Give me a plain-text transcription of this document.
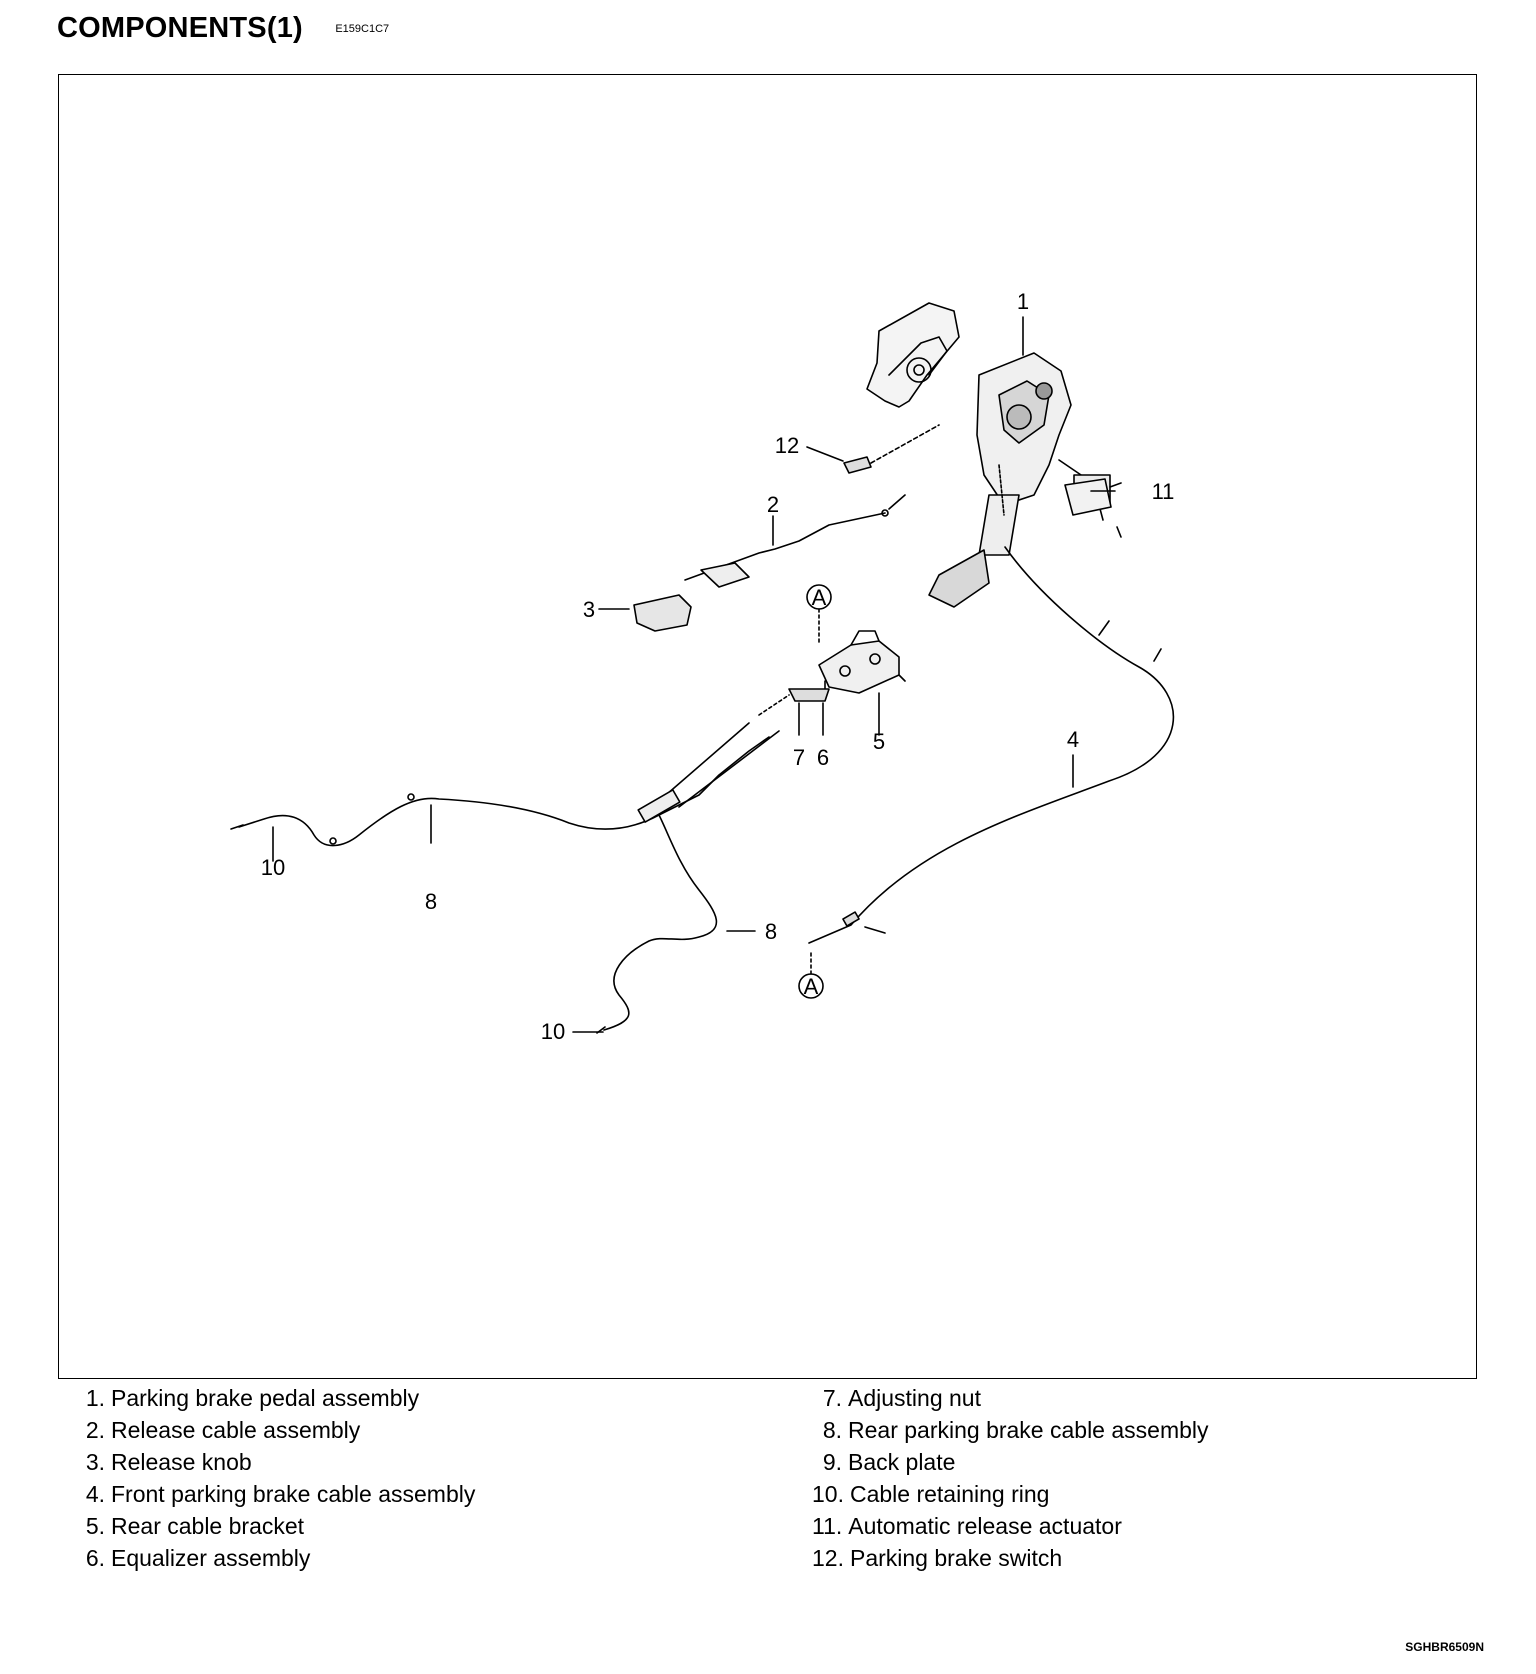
COMPONENTS(1)	$^{E159C1C7}$
1
2
3
4
5
6
7
8
8
10
10
11
12
A
A
1. Parking brake pedal assembly
2. Release cable assembly
3. Release knob
4. Front parking brake cable assembly
5. Rear cable bracket
6. Equalizer assembly
7. Adjusting nut
8. Rear parking brake cable assembly
9. Back plate
10. Cable retaining ring
11. Automatic release actuator
12. Parking brake switch
SGHBR6509N
